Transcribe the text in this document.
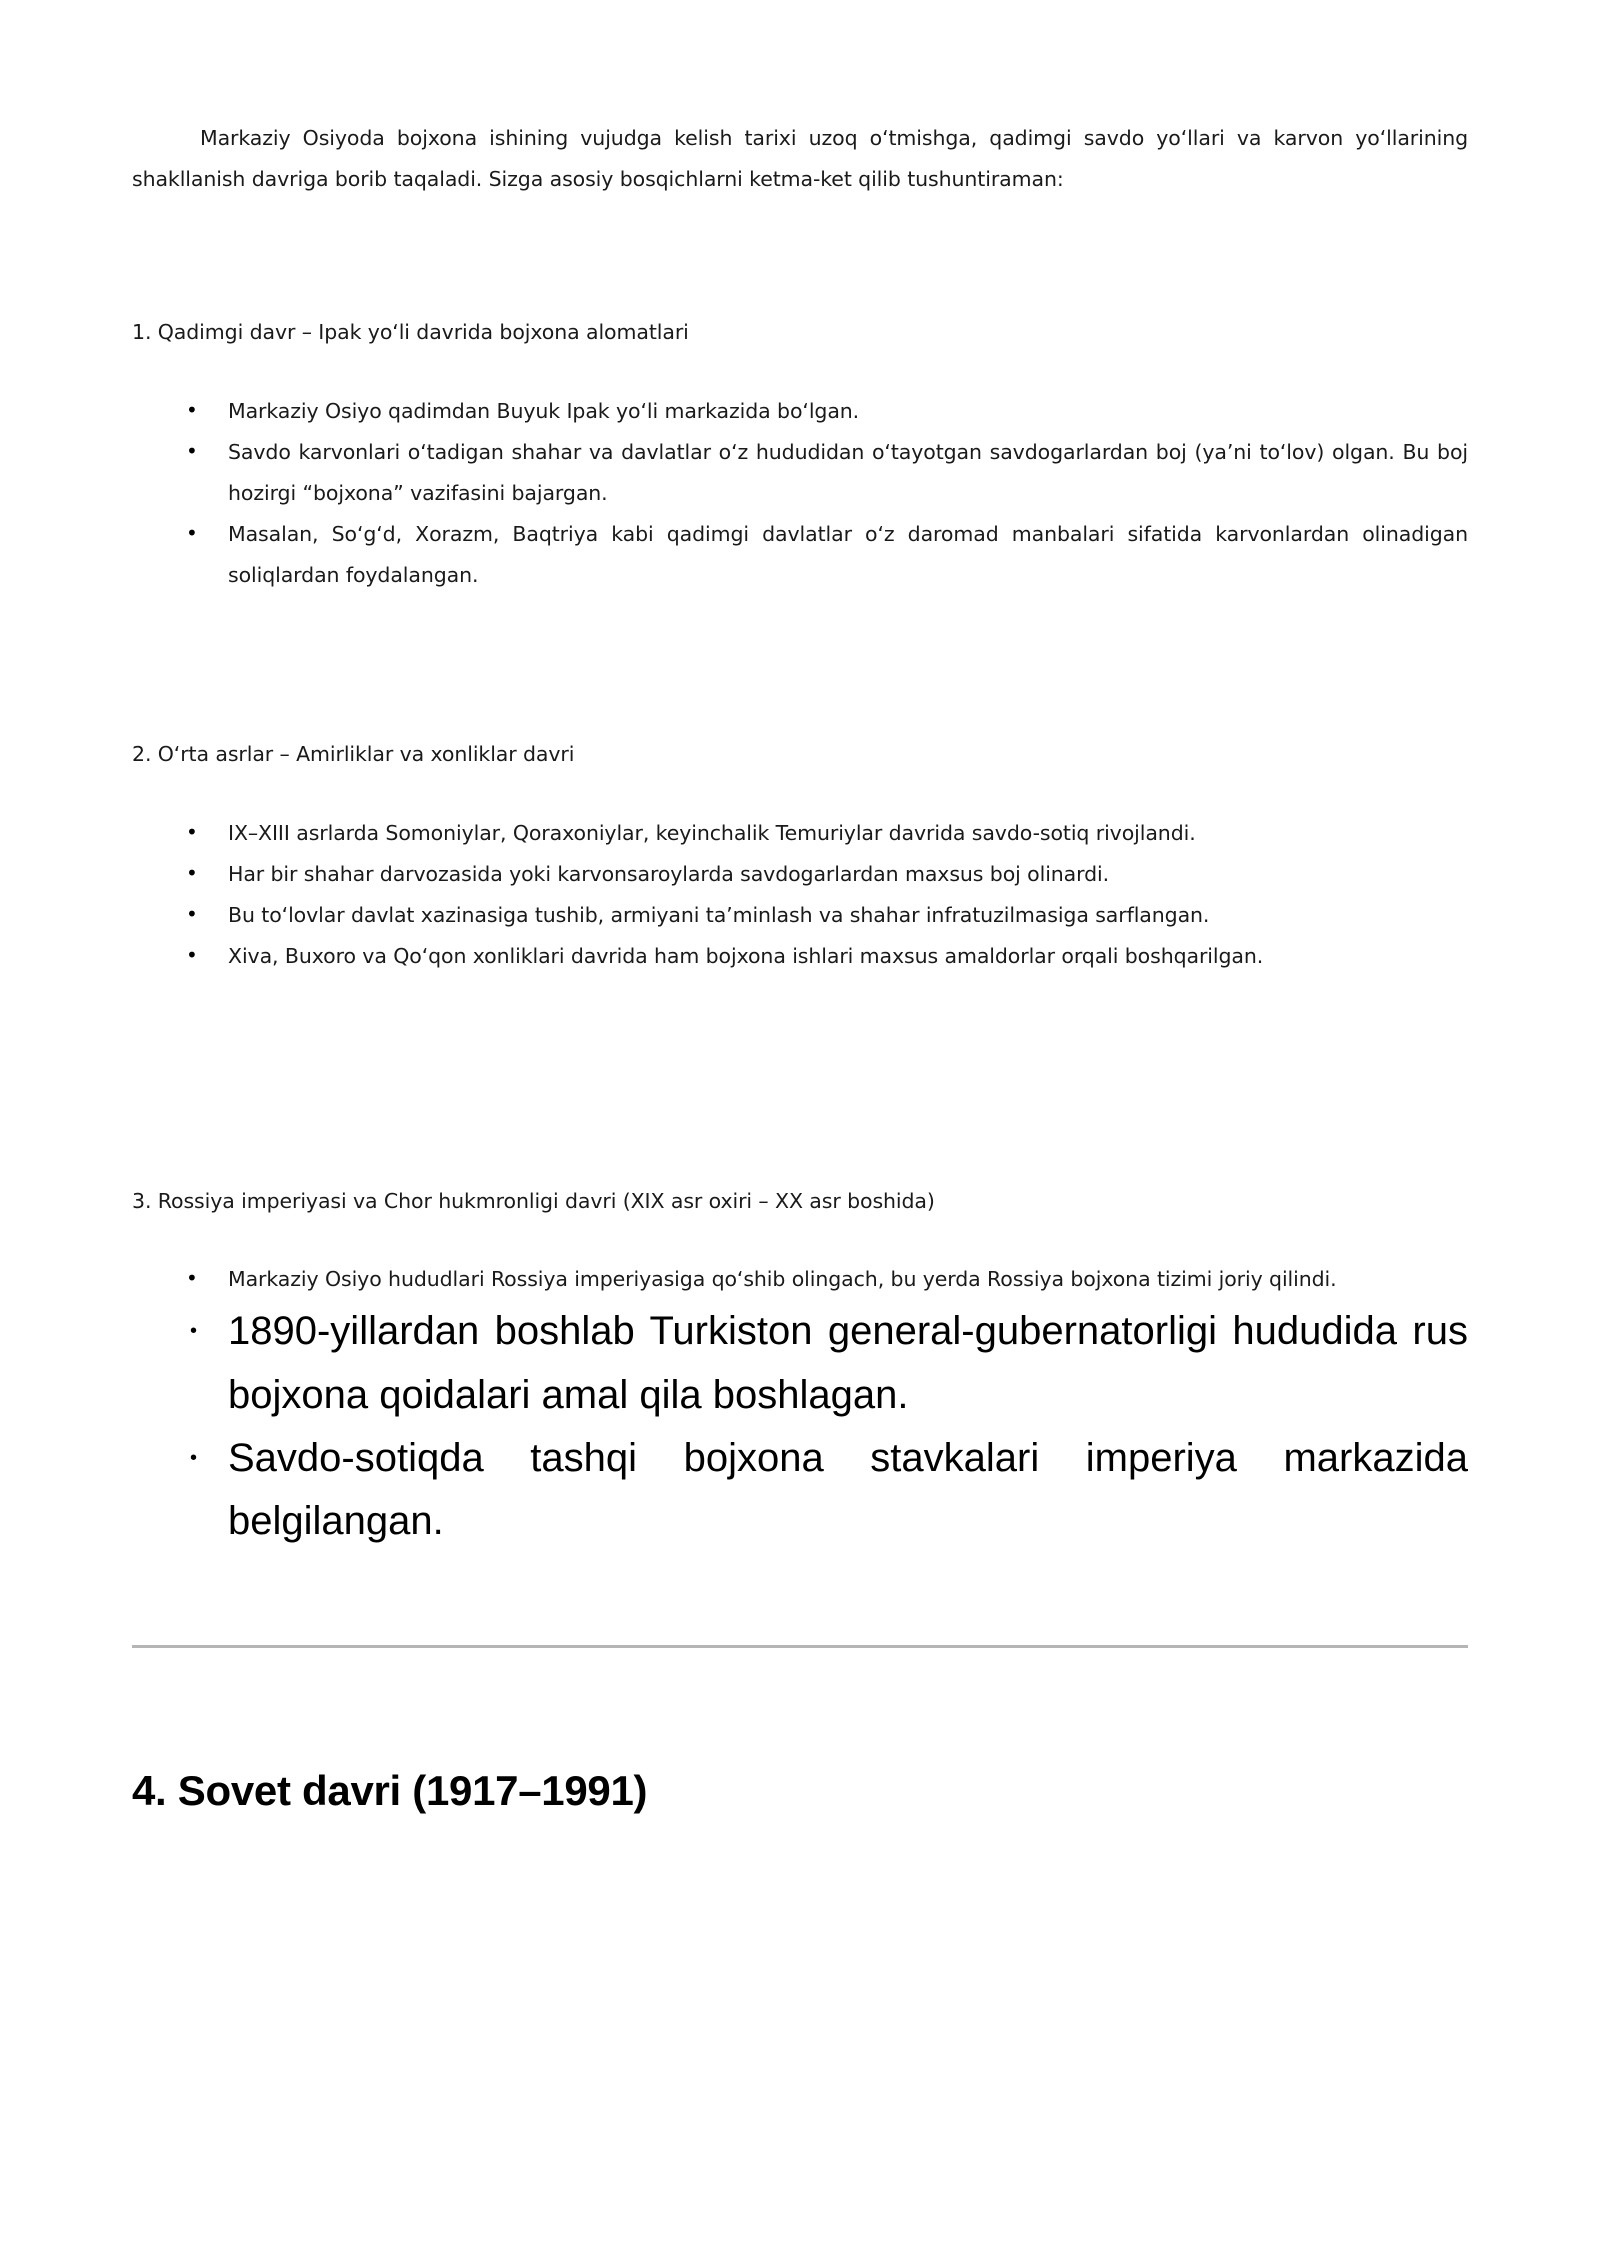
Markaziy Osiyoda bojxona ishining vujudga kelish tarixi uzoq o‘tmishga, qadimgi savdo yo‘llari va karvon yo‘llarining shakllanish davriga borib taqaladi. Sizga asosiy bosqichlarni ketma-ket qilib tushuntiraman:

1. Qadimgi davr – Ipak yo‘li davrida bojxona alomatlari

• Markaziy Osiyo qadimdan Buyuk Ipak yo‘li markazida bo‘lgan.
• Savdo karvonlari o‘tadigan shahar va davlatlar o‘z hududidan o‘tayotgan savdogarlardan boj (ya’ni to‘lov) olgan. Bu boj hozirgi “bojxona” vazifasini bajargan.
• Masalan, So‘g‘d, Xorazm, Baqtriya kabi qadimgi davlatlar o‘z daromad manbalari sifatida karvonlardan olinadigan soliqlardan foydalangan.

2. O‘rta asrlar – Amirliklar va xonliklar davri

• IX–XIII asrlarda Somoniylar, Qoraxoniylar, keyinchalik Temuriylar davrida savdo-sotiq rivojlandi.
• Har bir shahar darvozasida yoki karvonsaroylarda savdogarlardan maxsus boj olinardi.
• Bu to‘lovlar davlat xazinasiga tushib, armiyani ta’minlash va shahar infratuzilmasiga sarflangan.
• Xiva, Buxoro va Qo‘qon xonliklari davrida ham bojxona ishlari maxsus amaldorlar orqali boshqarilgan.

3. Rossiya imperiyasi va Chor hukmronligi davri (XIX asr oxiri – XX asr boshida)

• Markaziy Osiyo hududlari Rossiya imperiyasiga qo‘shib olingach, bu yerda Rossiya bojxona tizimi joriy qilindi.
• 1890-yillardan boshlab Turkiston general-gubernatorligi hududida rus bojxona qoidalari amal qila boshlagan.
• Savdo-sotiqda tashqi bojxona stavkalari imperiya markazida belgilangan.

4. Sovet davri (1917–1991)
